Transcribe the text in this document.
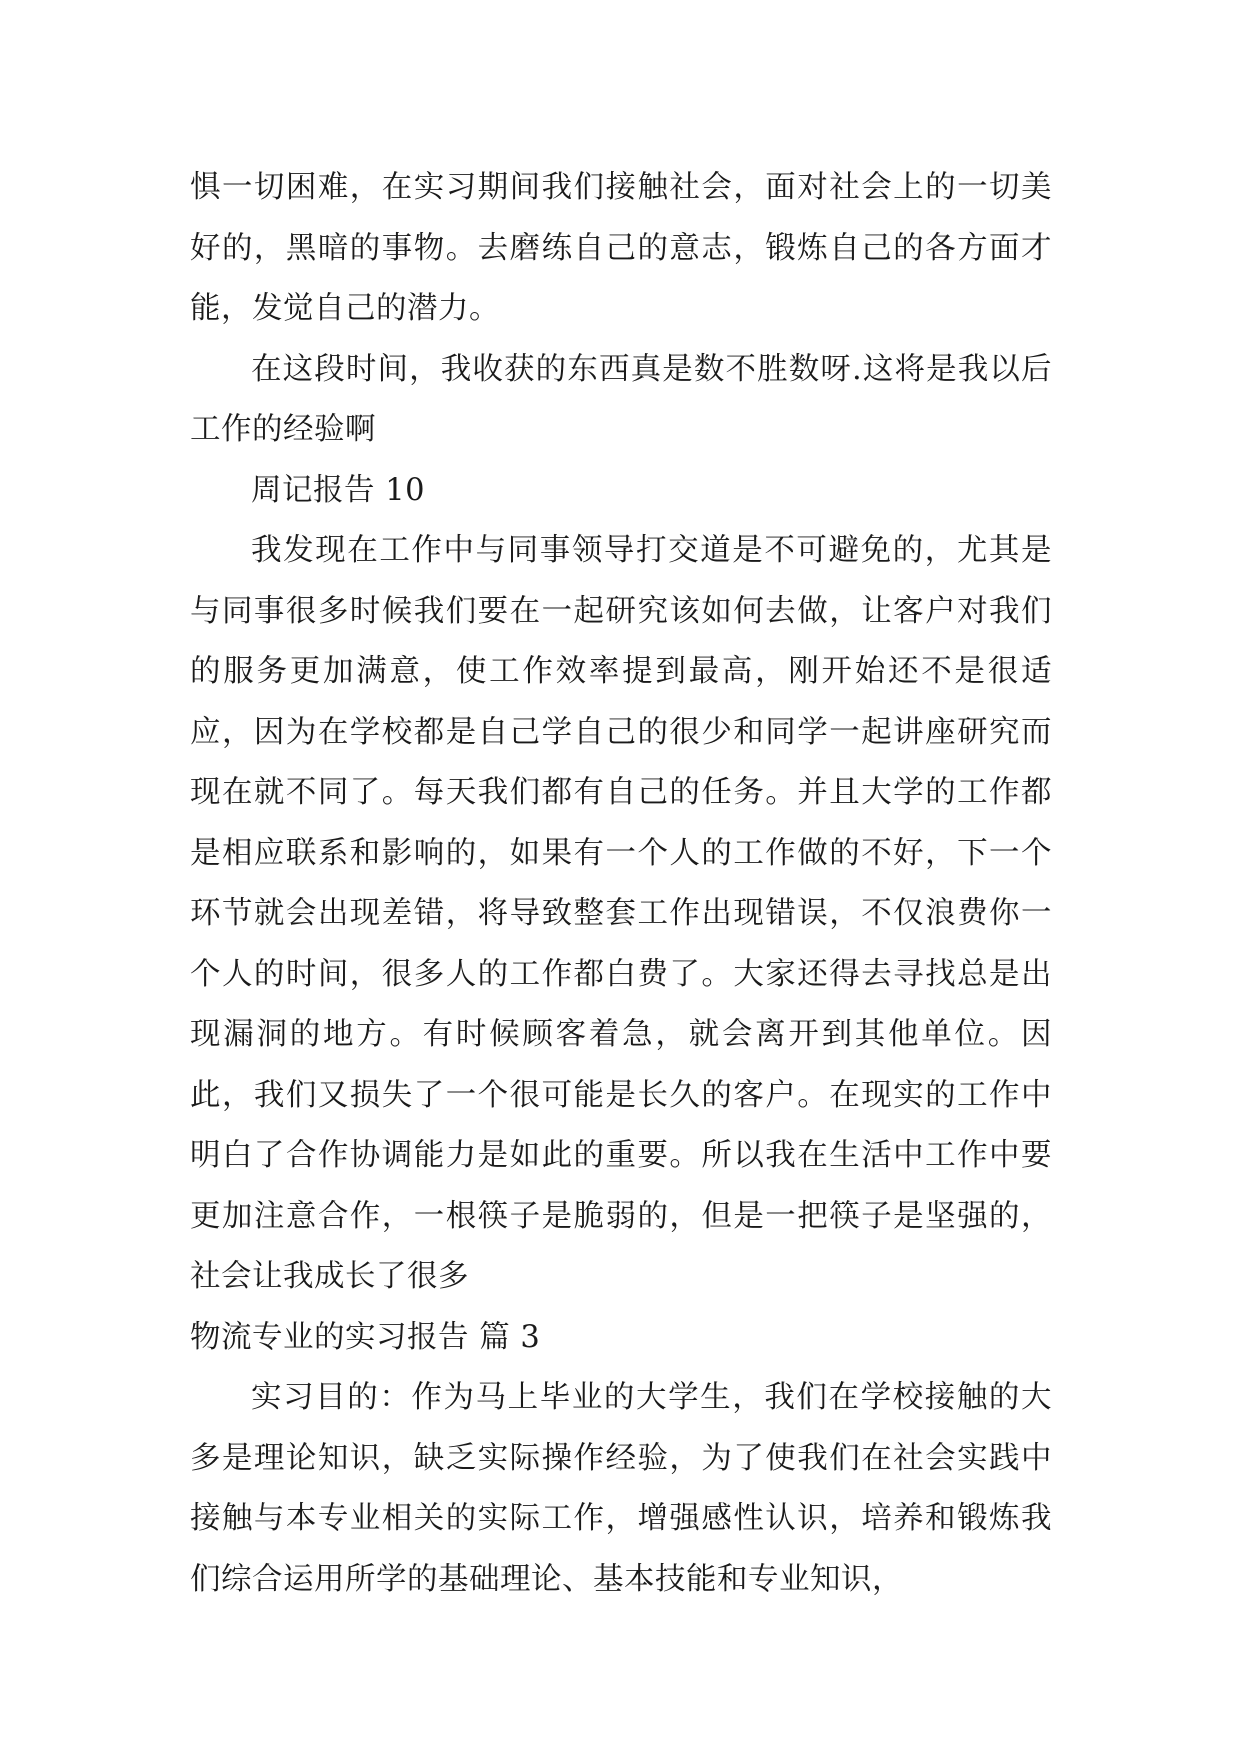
惧一切困难，在实习期间我们接触社会，面对社会上的一切美好的，黑暗的事物。去磨练自己的意志，锻炼自己的各方面才能，发觉自己的潜力。

在这段时间，我收获的东西真是数不胜数呀.这将是我以后工作的经验啊

周记报告 10

我发现在工作中与同事领导打交道是不可避免的，尤其是与同事很多时候我们要在一起研究该如何去做，让客户对我们的服务更加满意，使工作效率提到最高，刚开始还不是很适应，因为在学校都是自己学自己的很少和同学一起讲座研究而现在就不同了。每天我们都有自己的任务。并且大学的工作都是相应联系和影响的，如果有一个人的工作做的不好，下一个环节就会出现差错，将导致整套工作出现错误，不仅浪费你一个人的时间，很多人的工作都白费了。大家还得去寻找总是出现漏洞的地方。有时候顾客着急，就会离开到其他单位。因此，我们又损失了一个很可能是长久的客户。在现实的工作中明白了合作协调能力是如此的重要。所以我在生活中工作中要更加注意合作，一根筷子是脆弱的，但是一把筷子是坚强的，社会让我成长了很多

物流专业的实习报告 篇 3

实习目的：作为马上毕业的大学生，我们在学校接触的大多是理论知识，缺乏实际操作经验，为了使我们在社会实践中接触与本专业相关的实际工作，增强感性认识，培养和锻炼我们综合运用所学的基础理论、基本技能和专业知识，
